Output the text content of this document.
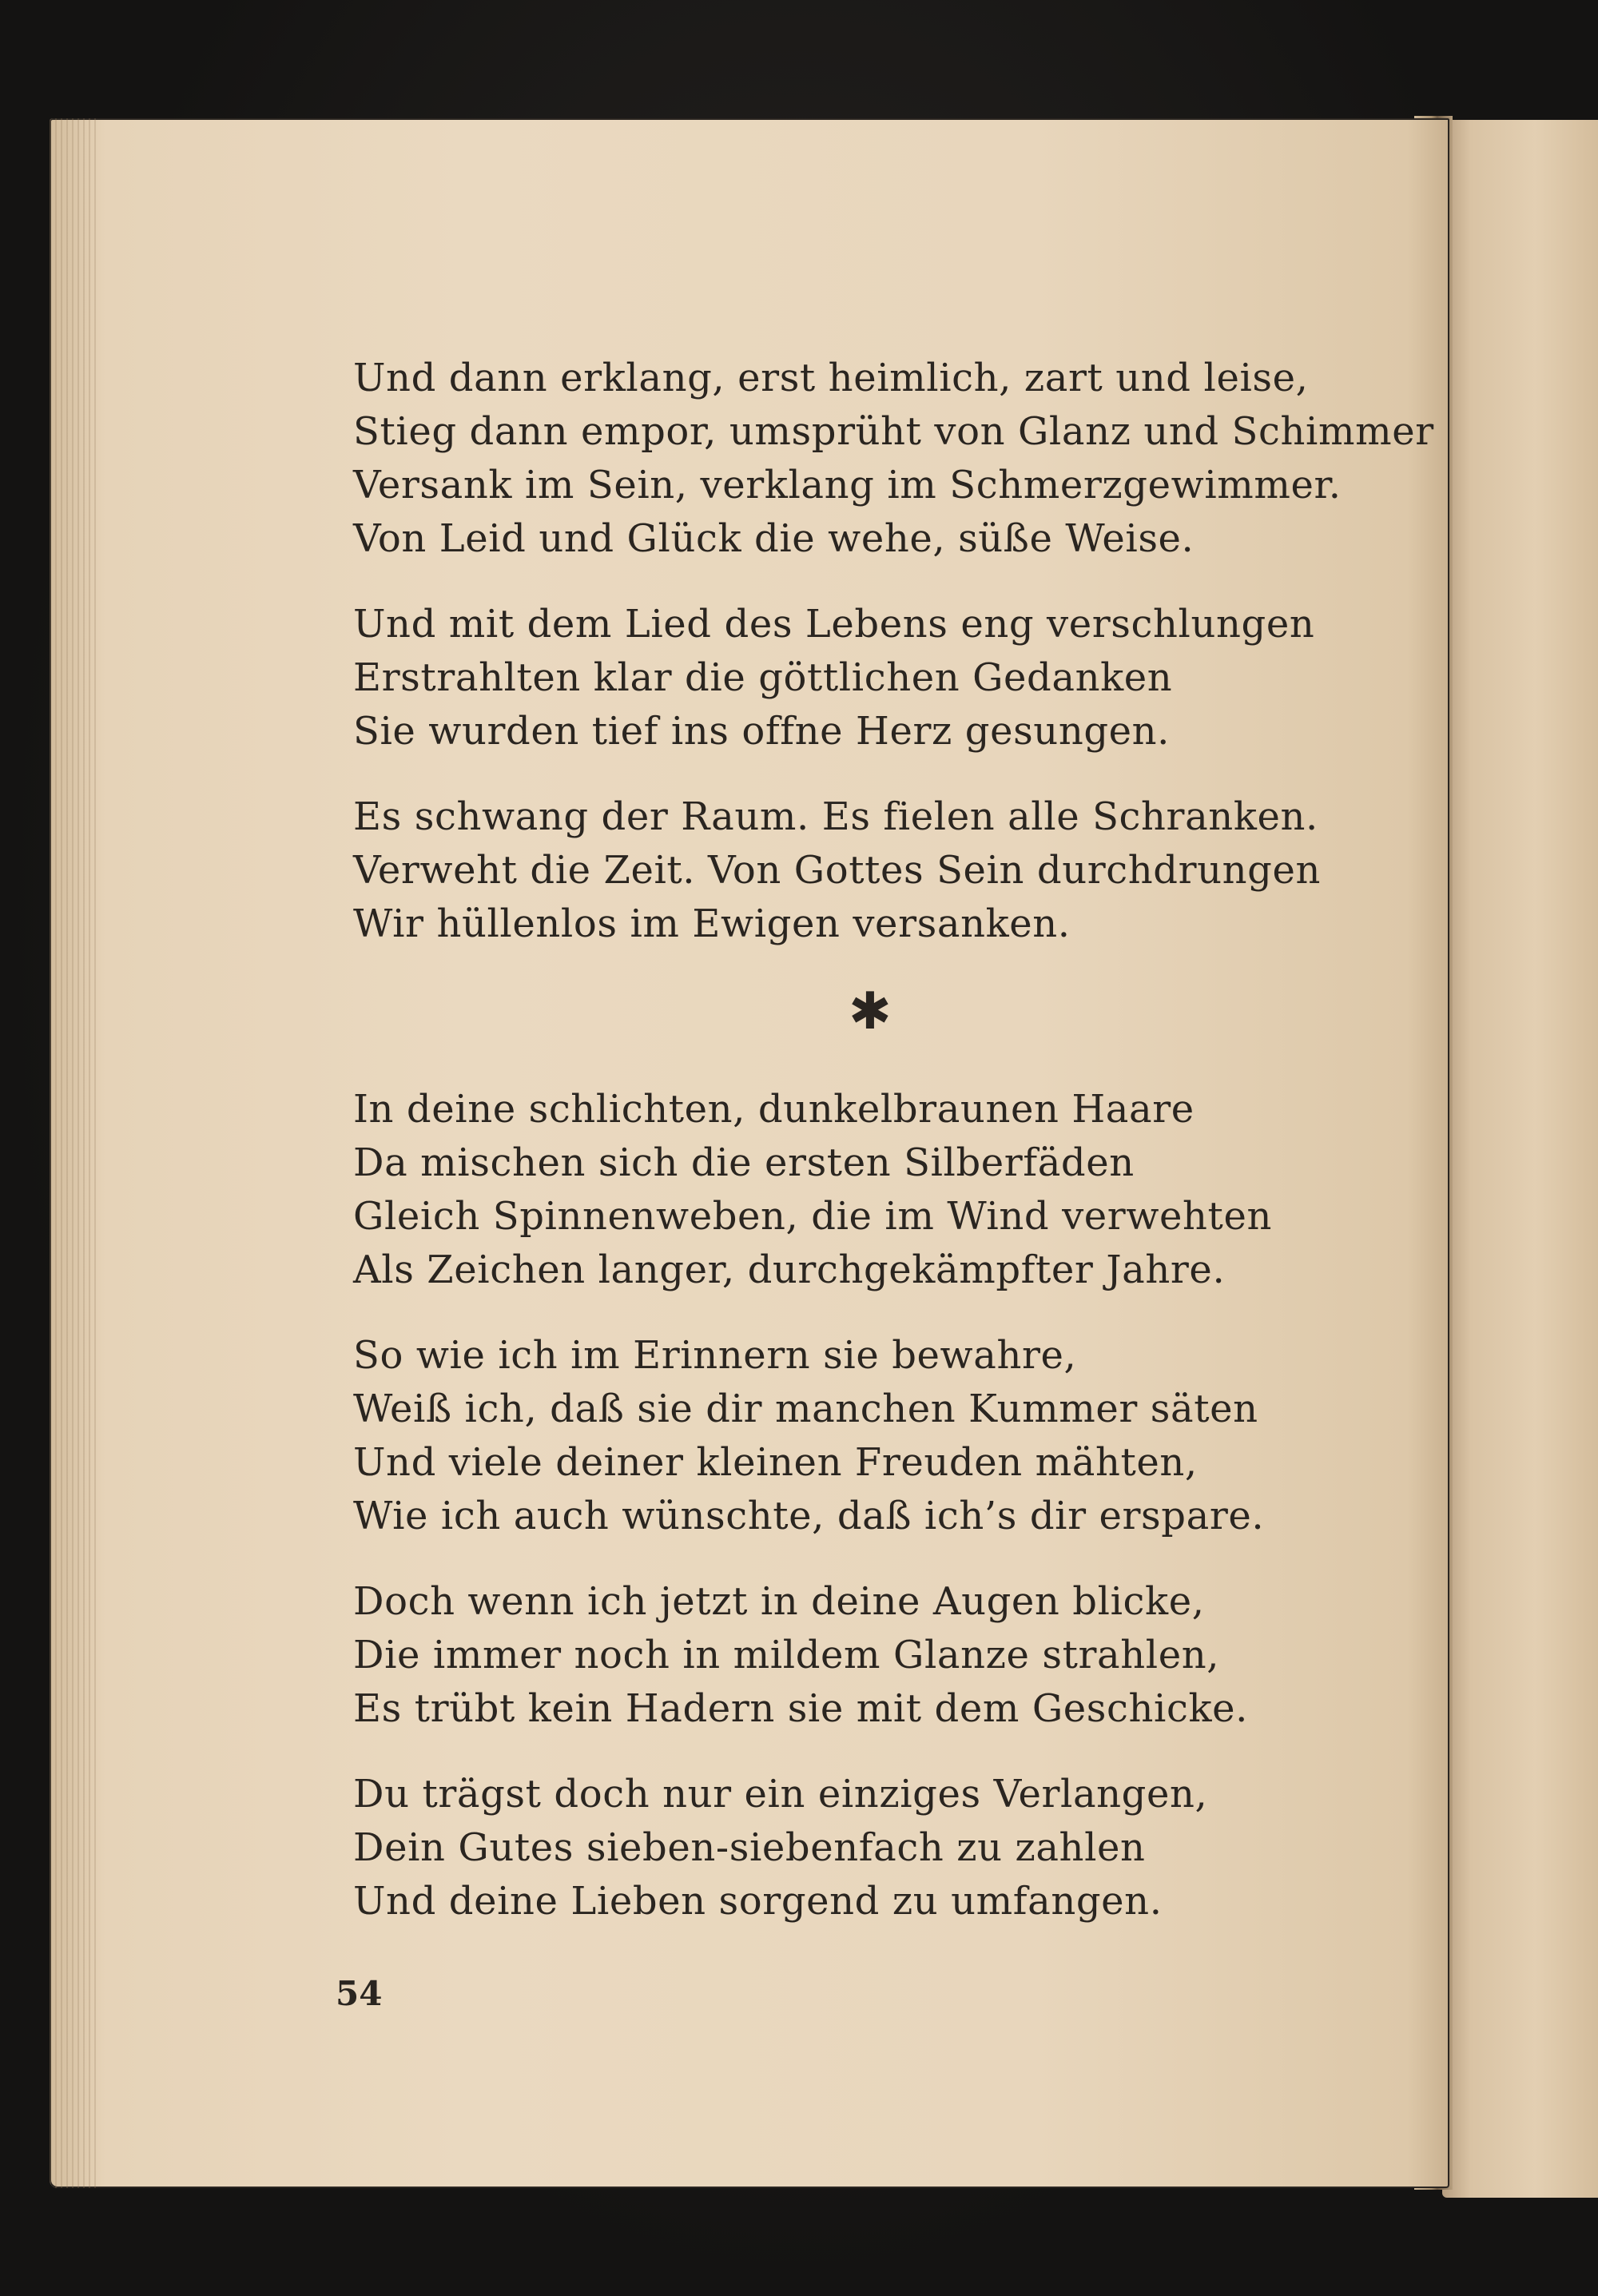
Und dann erklang, erst heimlich, zart und leise,
Stieg dann empor, umsprüht von Glanz und Schimmer
Versank im Sein, verklang im Schmerzgewimmer.
Von Leid und Glück die wehe, süße Weise.
Und mit dem Lied des Lebens eng verschlungen
Erstrahlten klar die göttlichen Gedanken
Sie wurden tief ins offne Herz gesungen.
Es schwang der Raum. Es fielen alle Schranken.
Verweht die Zeit. Von Gottes Sein durchdrungen
Wir hüllenlos im Ewigen versanken.
In deine schlichten, dunkelbraunen Haare
Da mischen sich die ersten Silberfäden
Gleich Spinnenweben, die im Wind verwehten
Als Zeichen langer, durchgekämpfter Jahre.
So wie ich im Erinnern sie bewahre,
Weiß ich, daß sie dir manchen Kummer säten
Und viele deiner kleinen Freuden mähten,
Wie ich auch wünschte, daß ich’s dir erspare.
Doch wenn ich jetzt in deine Augen blicke,
Die immer noch in mildem Glanze strahlen,
Es trübt kein Hadern sie mit dem Geschicke.
Du trägst doch nur ein einziges Verlangen,
Dein Gutes sieben-siebenfach zu zahlen
Und deine Lieben sorgend zu umfangen.
✱
54
